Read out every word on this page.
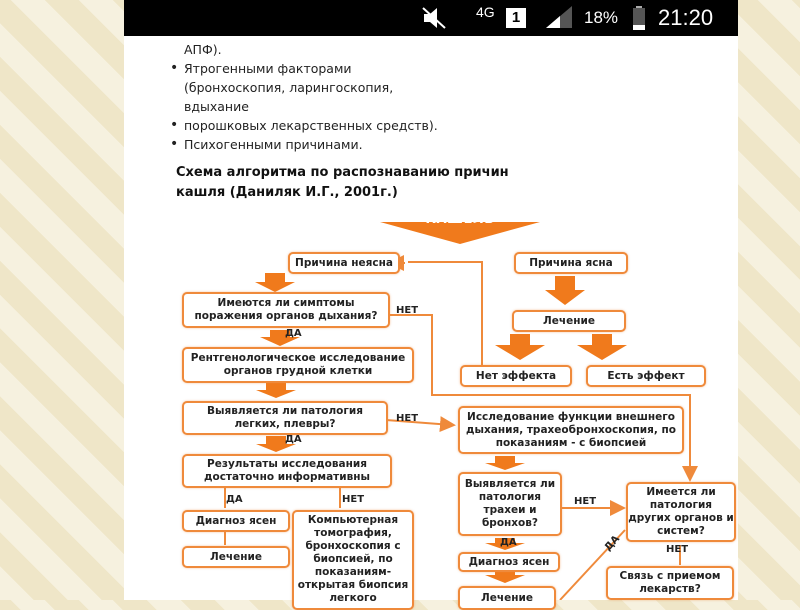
4G	1	18% 21:20
АПФ).
• Ятрогенными факторами
(бронхоскопия, ларингоскопия,
вдыхание
• порошковых лекарственных средств).
• Психогенными причинами.
Схема алгоритма по распознаванию причин
кашля (Даниляк И.Г., 2001г.)
КАШЕЛЬ
Причина неясна	Причина ясна
Имеются ли симптомы поражения органов дыхания?	Лечение
Нет эффекта	Есть эффект
Рентгенологическое исследование органов грудной клетки
Выявляется ли патология легких, плевры?
Исследование функции внешнего дыхания, трахеобронхоскопия, по показаниям - с биопсией
Результаты исследования достаточно информативны
Выявляется ли патология трахеи и бронхов?
Имеется ли патология других органов и систем?
Диагноз ясен	Компьютерная томография, бронхоскопия с биопсией, по показаниям- открытая биопсия легкого
Лечение	Диагноз ясен
Лечение
Связь с приемом лекарств?
НЕТ
ДА
НЕТ
ДА
ДА	НЕТ	НЕТ
ДА	ДА	НЕТ
